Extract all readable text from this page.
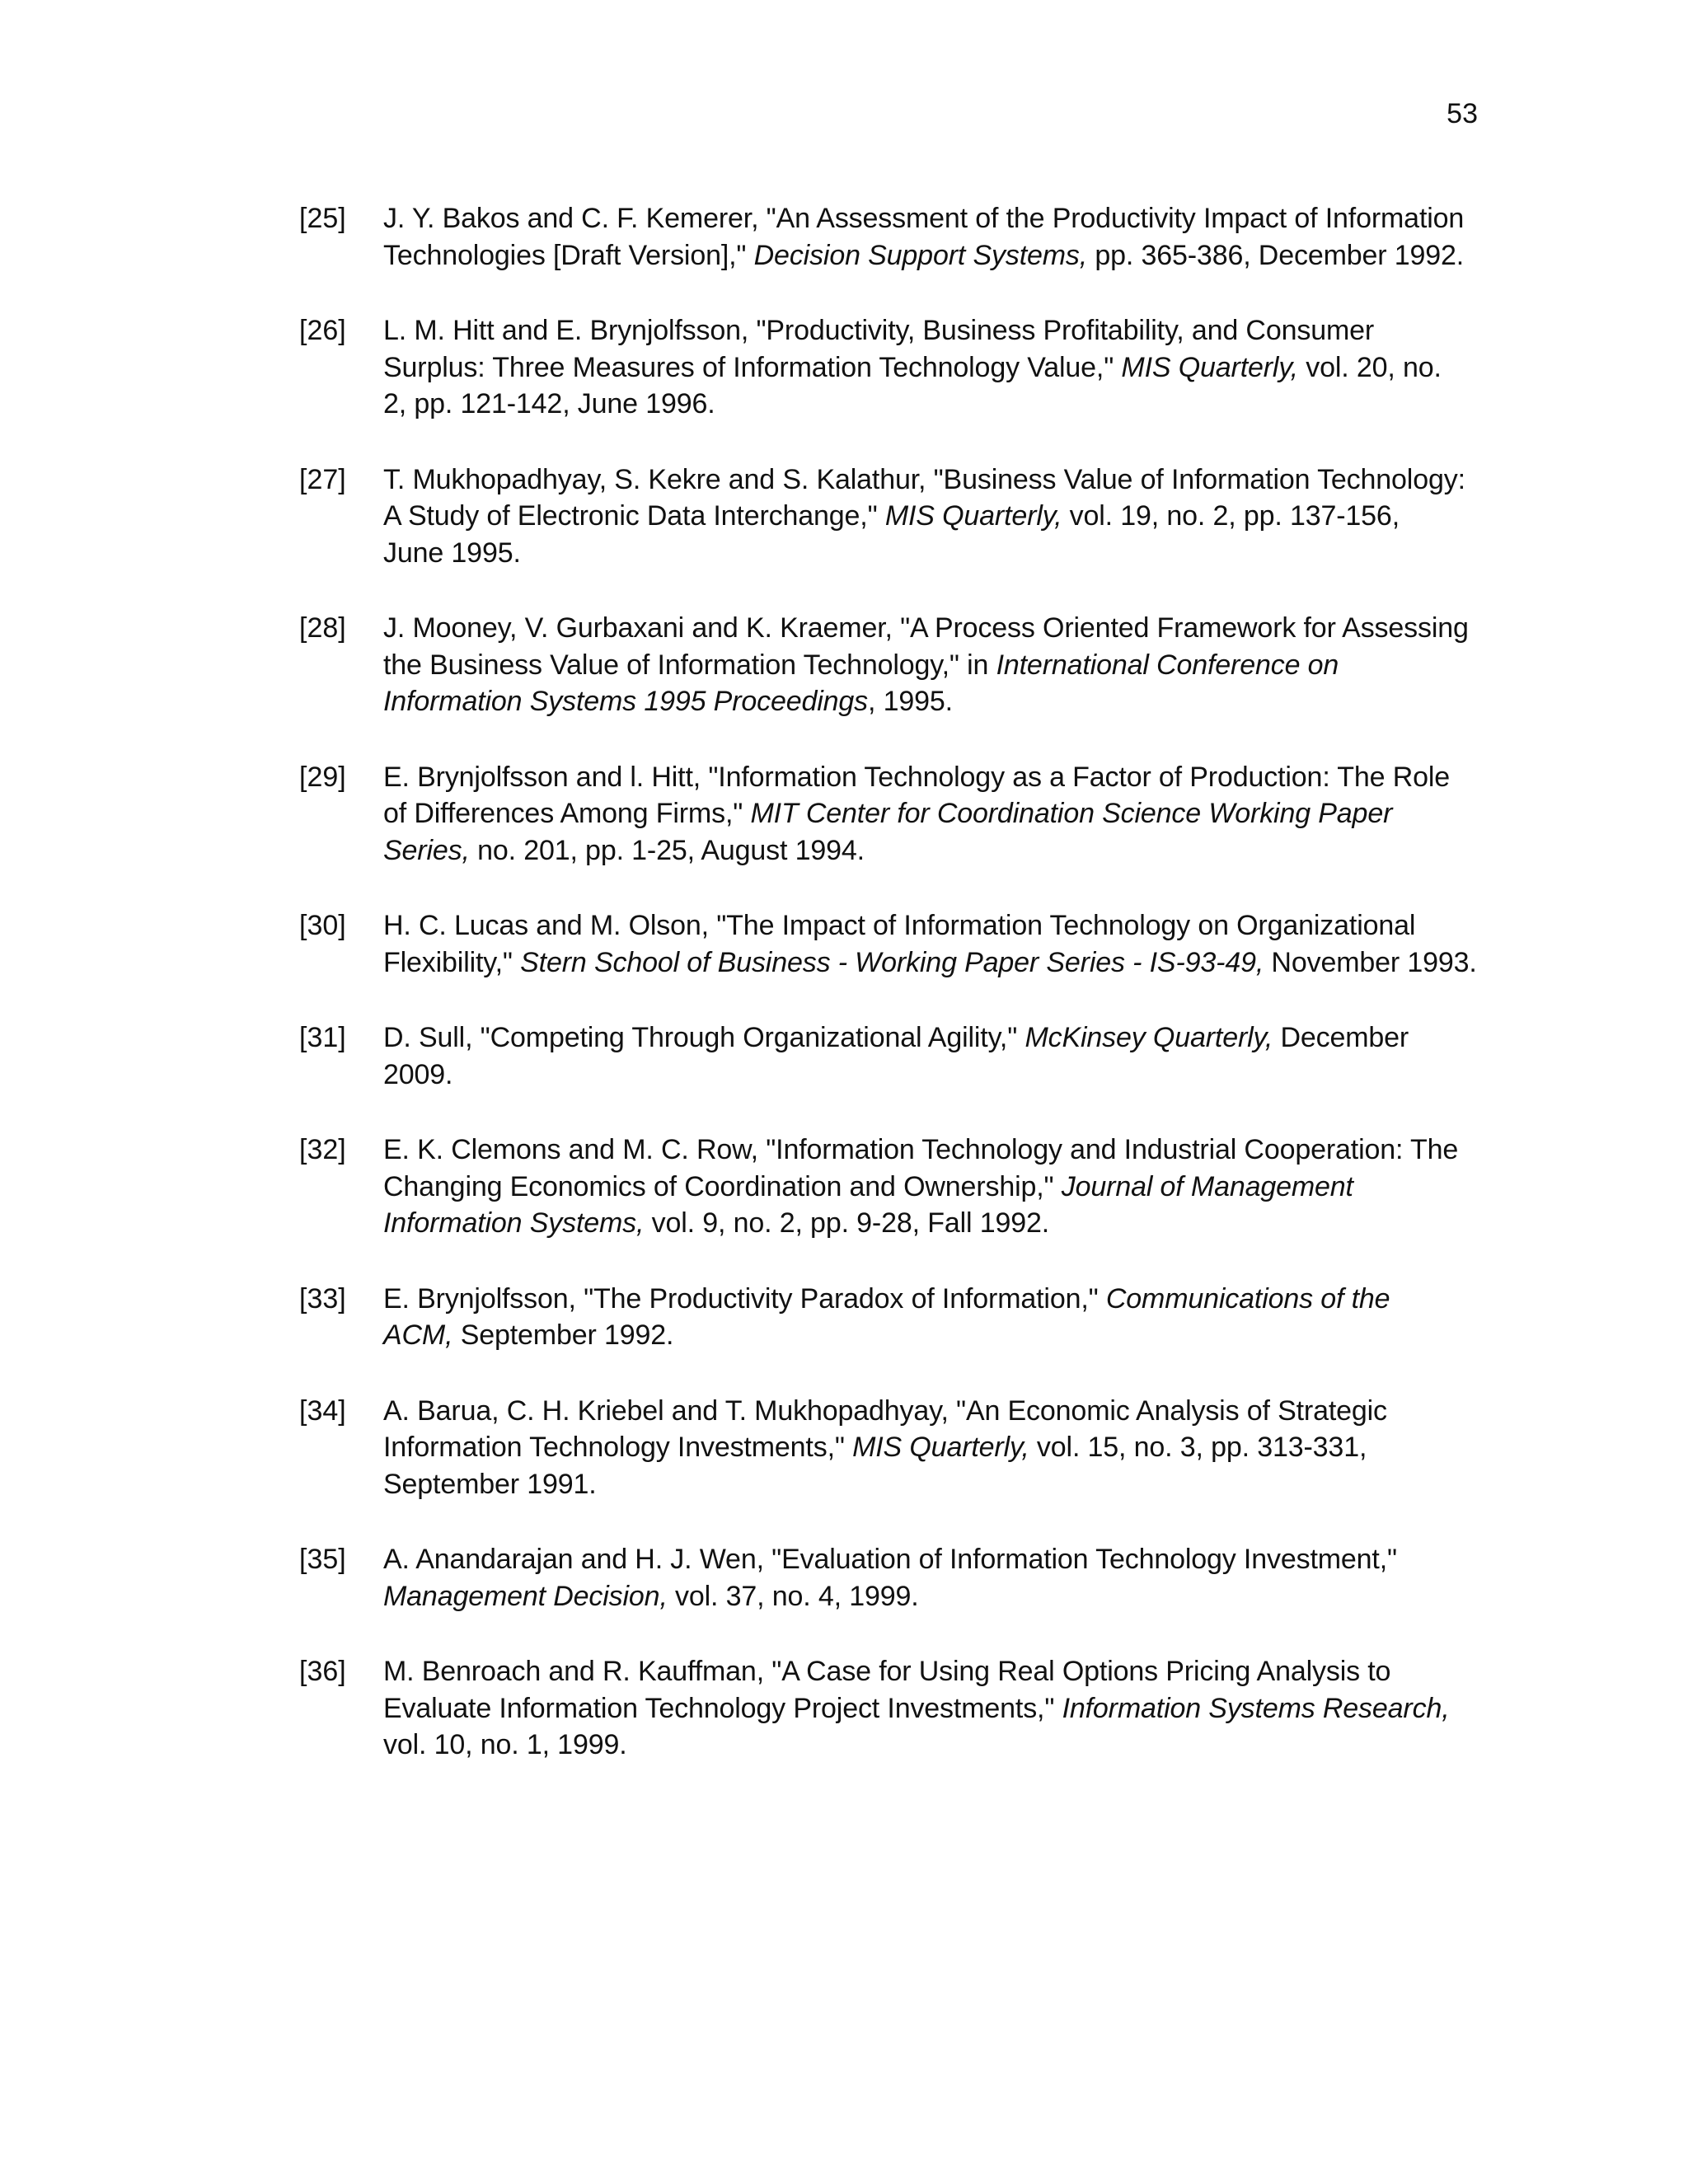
53
[25]	J. Y. Bakos and C. F. Kemerer, "An Assessment of the Productivity Impact of Information
Technologies [Draft Version]," Decision Support Systems, pp. 365-386, December 1992.
[26]	L. M. Hitt and E. Brynjolfsson, "Productivity, Business Profitability, and Consumer
Surplus: Three Measures of Information Technology Value," MIS Quarterly, vol. 20, no.
2, pp. 121-142, June 1996.
[27]	T. Mukhopadhyay, S. Kekre and S. Kalathur, "Business Value of Information Technology:
A Study of Electronic Data Interchange," MIS Quarterly, vol. 19, no. 2, pp. 137-156,
June 1995.
[28]	J. Mooney, V. Gurbaxani and K. Kraemer, "A Process Oriented Framework for Assessing
the Business Value of Information Technology," in International Conference on
Information Systems 1995 Proceedings, 1995.
[29]	E. Brynjolfsson and l. Hitt, "Information Technology as a Factor of Production: The Role
of Differences Among Firms," MIT Center for Coordination Science Working Paper
Series, no. 201, pp. 1-25, August 1994.
[30]	H. C. Lucas and M. Olson, "The Impact of Information Technology on Organizational
Flexibility," Stern School of Business - Working Paper Series - IS-93-49, November 1993.
[31]	D. Sull, "Competing Through Organizational Agility," McKinsey Quarterly, December
2009.
[32]	E. K. Clemons and M. C. Row, "Information Technology and Industrial Cooperation: The
Changing Economics of Coordination and Ownership," Journal of Management
Information Systems, vol. 9, no. 2, pp. 9-28, Fall 1992.
[33]	E. Brynjolfsson, "The Productivity Paradox of Information," Communications of the
ACM, September 1992.
[34]	A. Barua, C. H. Kriebel and T. Mukhopadhyay, "An Economic Analysis of Strategic
Information Technology Investments," MIS Quarterly, vol. 15, no. 3, pp. 313-331,
September 1991.
[35]	A. Anandarajan and H. J. Wen, "Evaluation of Information Technology Investment,"
Management Decision, vol. 37, no. 4, 1999.
[36]	M. Benroach and R. Kauffman, "A Case for Using Real Options Pricing Analysis to
Evaluate Information Technology Project Investments," Information Systems Research,
vol. 10, no. 1, 1999.
